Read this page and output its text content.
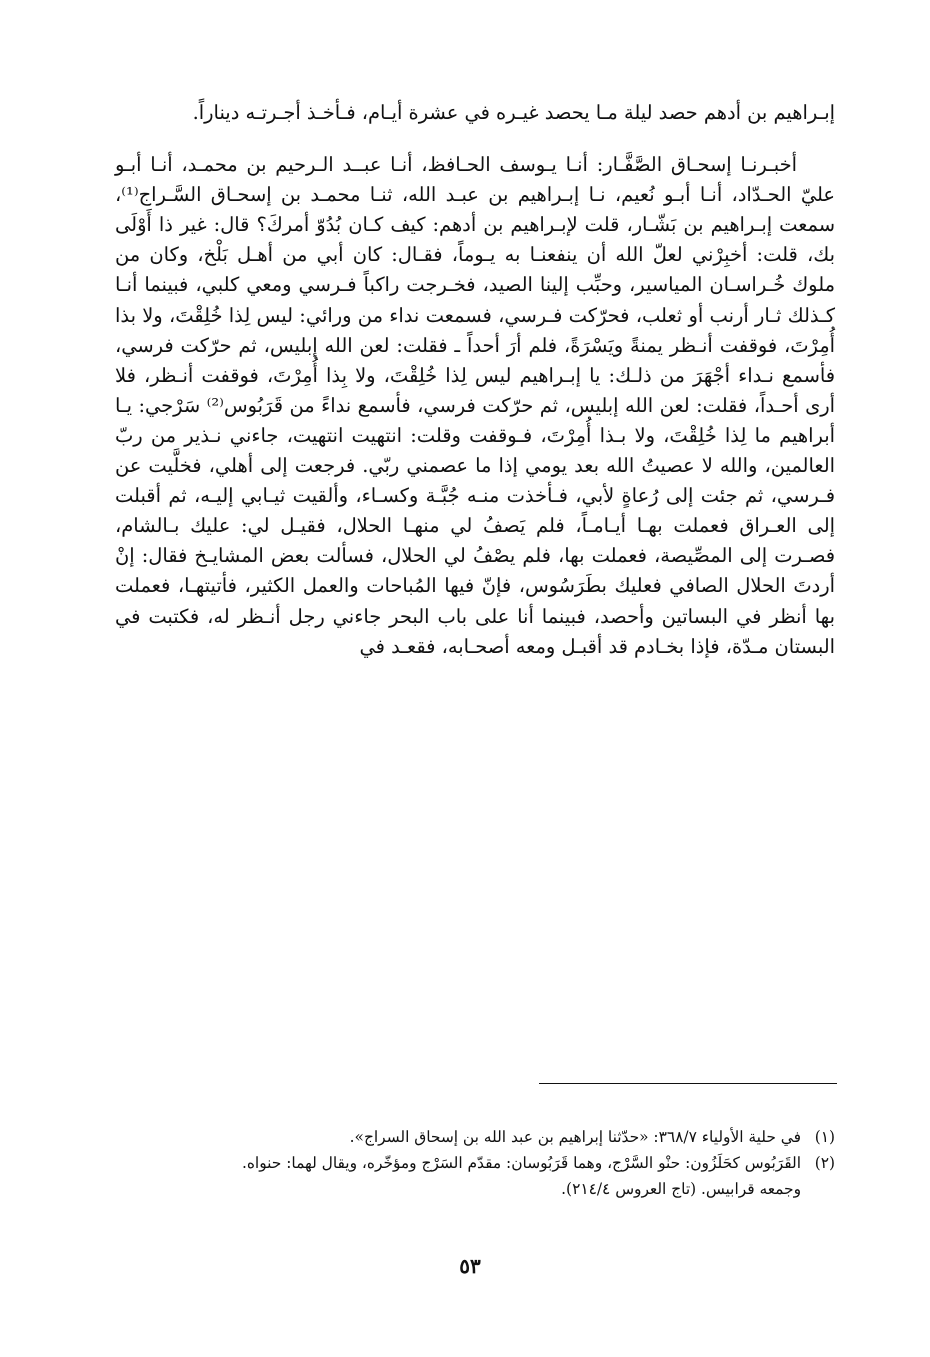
إبـراهيم بن أدهم حصد ليلة مـا يحصد غيـره في عشرة أيـام، فـأخـذ أجـرتـه ديناراً.

أخبـرنـا إسحـاق الصَّفَّـار: أنـا يـوسف الحـافظ، أنـا عبــد الـرحيم بن محمـد، أنـا أبـو عليّ الحـدّاد، أنـا أبـو نُعيم، نـا إبـراهيم بن عبـد الله، ثنـا محمـد بن إسحـاق السَّـراج⁽¹⁾، سمعت إبـراهيم بن بَشّـار، قلت لإبـراهيم بن أدهم: كيف كـان بُدُوّ أمركَ؟ قال: غير ذا أَوْلَى بك، قلت: أخبِرْني لعلّ الله أن ينفعنـا به يـوماً، فقـال: كان أبي من أهـل بَلْخ، وكان من ملوك خُـراسـان المياسير، وحبِّب إلينا الصيد، فخـرجت راكباً فـرسي ومعي كلبي، فبينما أنـا كـذلك ثـار أرنب أو ثعلب، فحرّكت فـرسي، فسمعت نداء من ورائي: ليس لِذا خُلِقْتَ، ولا بذا أُمِرْتَ، فوقفت أنـظر يمنةً ويَسْرَةً، فلم أرَ أحداً ـ فقلت: لعن الله إبليس، ثم حرّكت فرسي، فأسمع نـداء أجْهَرَ من ذلـك: يا إبـراهيم ليس لِذا خُلِقْتَ، ولا بِذا أُمِرْتَ، فوقفت أنـظر، فلا أرى أحـداً، فقلت: لعن الله إبليس، ثم حرّكت فرسي، فأسمع نداءً من قَرَبُوس⁽²⁾ سَرْجي: يـا أبراهيم ما لِذا خُلِقْتَ، ولا بـذا أُمِرْتَ، فـوقفت وقلت: انتهيت انتهيت، جاءني نـذير من ربّ العالمين، والله لا عصيتُ الله بعد يومي إذا ما عصمني ربّي. فرجعت إلى أهلي، فخلَّيت عن فـرسي، ثم جئت إلى رُعاةٍ لأبي، فـأخذت منـه جُبَّـة وكسـاء، وألقيت ثيـابي إليـه، ثم أقبلت إلى العـراق فعملت بهـا أيـامـاً، فلم يَصفُ لي منهـا الحلال، فقيـل لي: عليك بـالشام، فصـرت إلى المصِّيصة، فعملت بها، فلم يصْفُ لي الحلال، فسألت بعض المشايـخ فقال: إنْ أردتَ الحلال الصافي فعليك بطَرَسُوس، فإنّ فيها المُباحات والعمل الكثير، فأتيتهـا، فعملت بها أنظر في البساتين وأحصد، فبينما أنا على باب البحر جاءني رجل أنـظر له، فكتبت في البستان مـدّة، فإذا بخـادم قد أقبـل ومعه أصحـابه، فقعـد في

(١)
في حلية الأولياء ٣٦٨/٧: «حدّثنا إبراهيم بن عبد الله بن إسحاق السراج».
(٢)
القَرَبُوس كحَلَزُون: حنْو السَّرْج، وهما قَرَبُوسان: مقدّم السَرْج ومؤخّره، ويقال لهما: حنواه.

وجمعه قرابيس. (تاج العروس ٢١٤/٤).

٥٣
